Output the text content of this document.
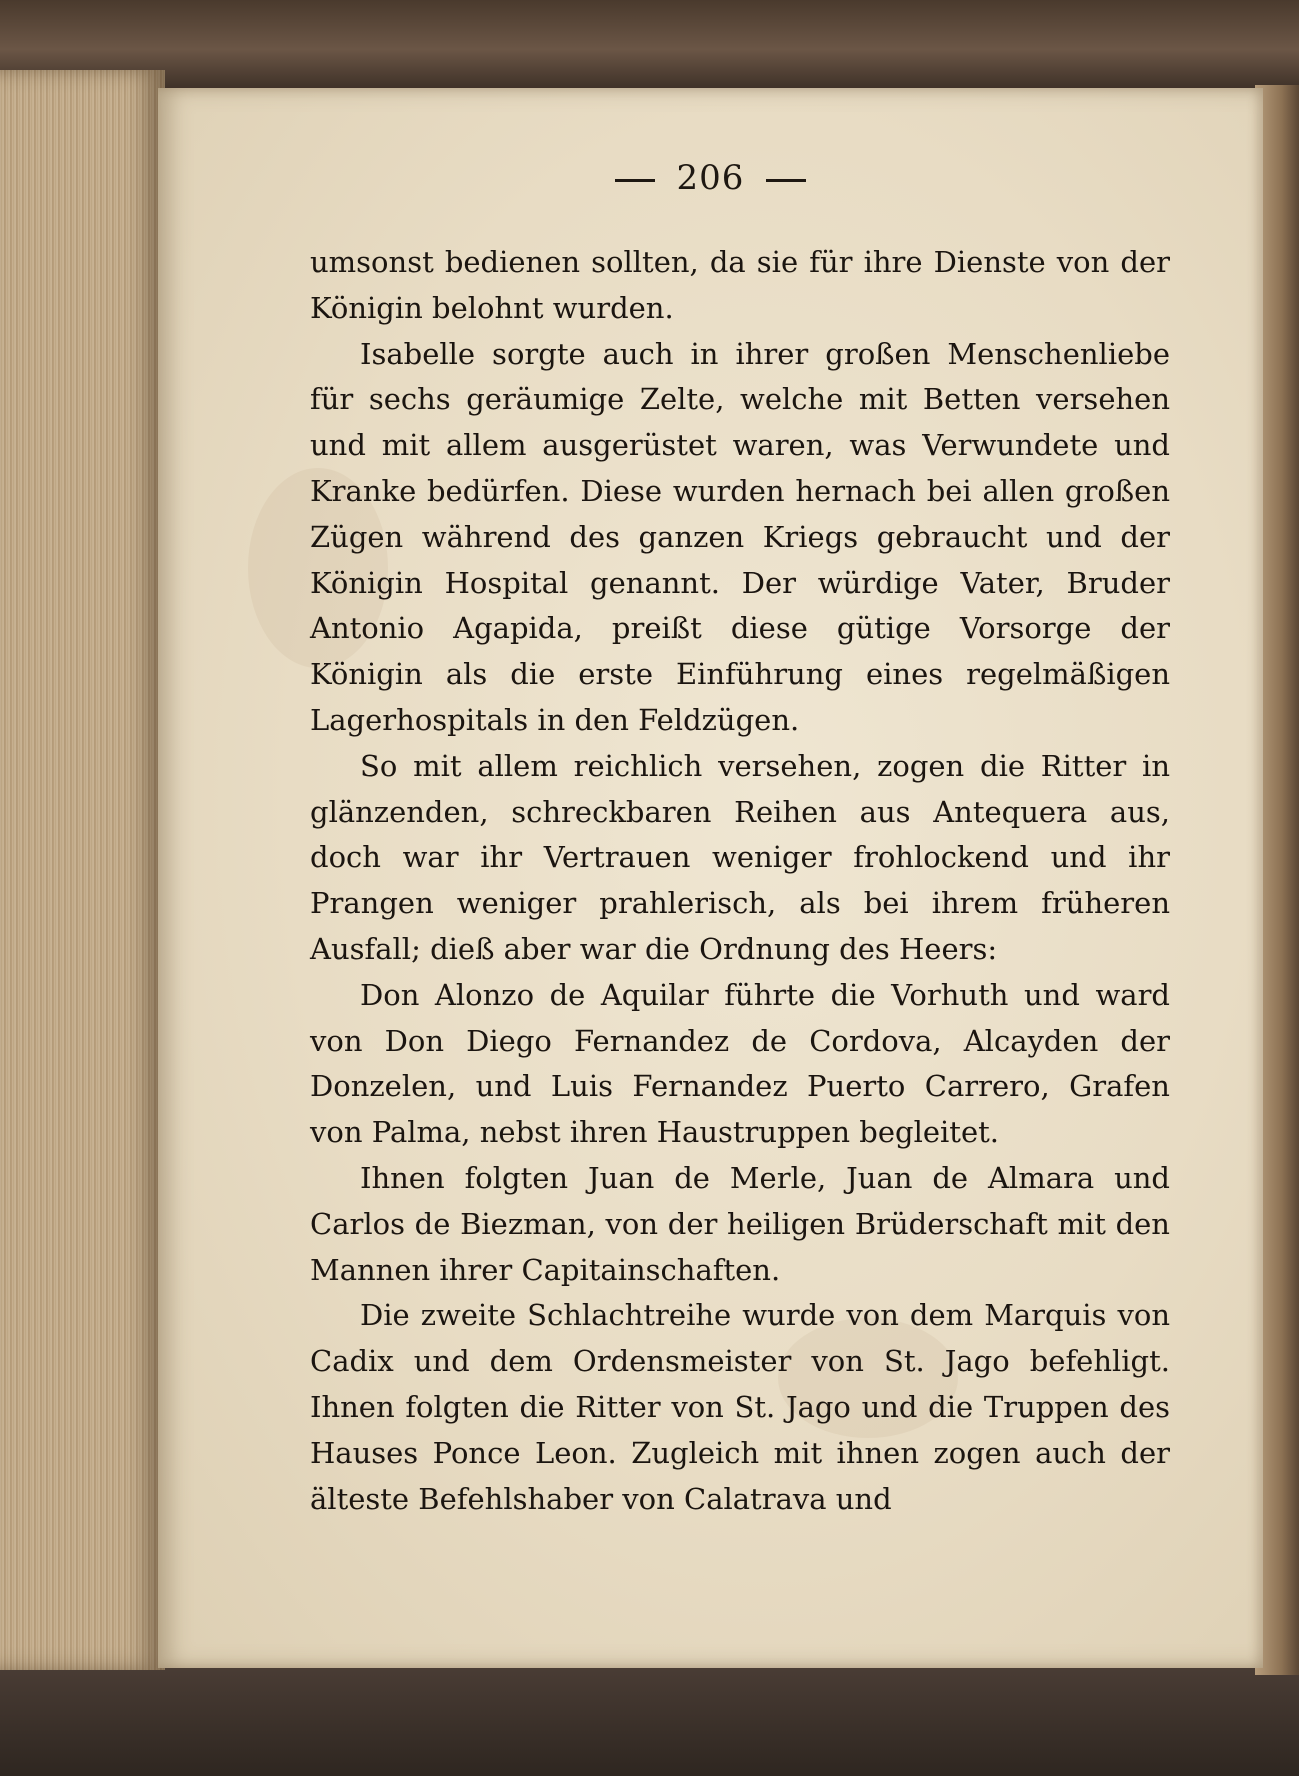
206

umsonst bedienen sollten, da sie für ihre Dienste von der Königin belohnt wurden.

Isabelle sorgte auch in ihrer großen Menschenliebe für sechs geräumige Zelte, welche mit Betten versehen und mit allem ausgerüstet waren, was Verwundete und Kranke bedürfen. Diese wurden hernach bei allen großen Zügen während des ganzen Kriegs gebraucht und der Königin Hospital genannt. Der würdige Vater, Bruder Antonio Agapida, preißt diese gütige Vorsorge der Königin als die erste Einführung eines regelmäßigen Lagerhospitals in den Feldzügen.

So mit allem reichlich versehen, zogen die Ritter in glänzenden, schreckbaren Reihen aus Antequera aus, doch war ihr Vertrauen weniger frohlockend und ihr Prangen weniger prahlerisch, als bei ihrem früheren Ausfall; dieß aber war die Ordnung des Heers:

Don Alonzo de Aquilar führte die Vorhuth und ward von Don Diego Fernandez de Cordova, Alcayden der Donzelen, und Luis Fernandez Puerto Carrero, Grafen von Palma, nebst ihren Haustruppen begleitet.

Ihnen folgten Juan de Merle, Juan de Almara und Carlos de Biezman, von der heiligen Brüderschaft mit den Mannen ihrer Capitainschaften.

Die zweite Schlachtreihe wurde von dem Marquis von Cadix und dem Ordensmeister von St. Jago befehligt. Ihnen folgten die Ritter von St. Jago und die Truppen des Hauses Ponce Leon. Zugleich mit ihnen zogen auch der älteste Befehlshaber von Calatrava und
